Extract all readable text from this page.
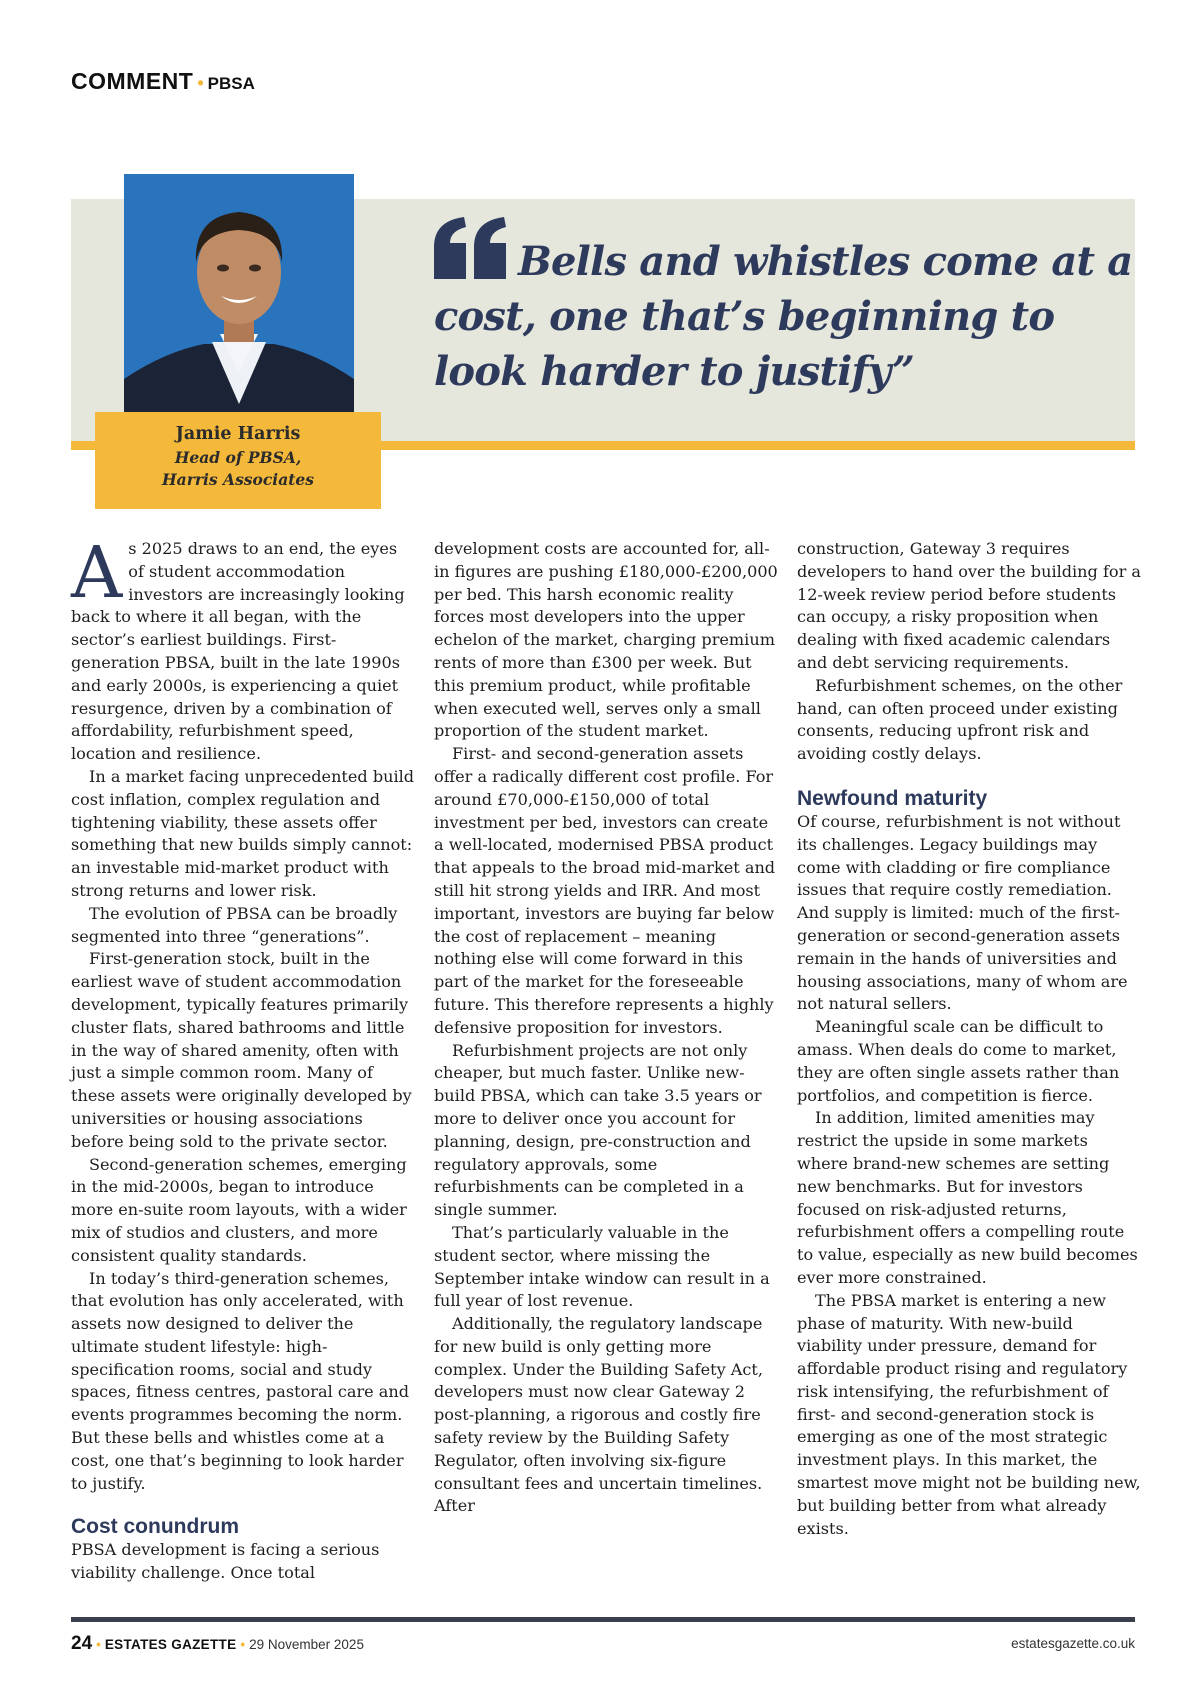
COMMENT • PBSA
Jamie Harris
Head of PBSA,
Harris Associates

Bells and whistles come at a cost, one that’s beginning to look harder to justify”

As 2025 draws to an end, the eyes of student accommodation investors are increasingly looking back to where it all began, with the sector’s earliest buildings. First-generation PBSA, built in the late 1990s and early 2000s, is experiencing a quiet resurgence, driven by a combination of affordability, refurbishment speed, location and resilience.

In a market facing unprecedented build cost inflation, complex regulation and tightening viability, these assets offer something that new builds simply cannot: an investable mid-market product with strong returns and lower risk.

The evolution of PBSA can be broadly segmented into three “generations”.

First-generation stock, built in the earliest wave of student accommodation development, typically features primarily cluster flats, shared bathrooms and little in the way of shared amenity, often with just a simple common room. Many of these assets were originally developed by universities or housing associations before being sold to the private sector.

Second-generation schemes, emerging in the mid-2000s, began to introduce more en-suite room layouts, with a wider mix of studios and clusters, and more consistent quality standards.

In today’s third-generation schemes, that evolution has only accelerated, with assets now designed to deliver the ultimate student lifestyle: high-specification rooms, social and study spaces, fitness centres, pastoral care and events programmes becoming the norm. But these bells and whistles come at a cost, one that’s beginning to look harder to justify.

Cost conundrum

PBSA development is facing a serious viability challenge. Once total

development costs are accounted for, all-in figures are pushing £180,000-£200,000 per bed. This harsh economic reality forces most developers into the upper echelon of the market, charging premium rents of more than £300 per week. But this premium product, while profitable when executed well, serves only a small proportion of the student market.

First- and second-generation assets offer a radically different cost profile. For around £70,000-£150,000 of total investment per bed, investors can create a well-located, modernised PBSA product that appeals to the broad mid-market and still hit strong yields and IRR. And most important, investors are buying far below the cost of replacement – meaning nothing else will come forward in this part of the market for the foreseeable future. This therefore represents a highly defensive proposition for investors.

Refurbishment projects are not only cheaper, but much faster. Unlike new-build PBSA, which can take 3.5 years or more to deliver once you account for planning, design, pre-construction and regulatory approvals, some refurbishments can be completed in a single summer.

That’s particularly valuable in the student sector, where missing the September intake window can result in a full year of lost revenue.

Additionally, the regulatory landscape for new build is only getting more complex. Under the Building Safety Act, developers must now clear Gateway 2 post-planning, a rigorous and costly fire safety review by the Building Safety Regulator, often involving six-figure consultant fees and uncertain timelines. After

construction, Gateway 3 requires developers to hand over the building for a 12-week review period before students can occupy, a risky proposition when dealing with fixed academic calendars and debt servicing requirements.

Refurbishment schemes, on the other hand, can often proceed under existing consents, reducing upfront risk and avoiding costly delays.

Newfound maturity

Of course, refurbishment is not without its challenges. Legacy buildings may come with cladding or fire compliance issues that require costly remediation. And supply is limited: much of the first-generation or second-generation assets remain in the hands of universities and housing associations, many of whom are not natural sellers.

Meaningful scale can be difficult to amass. When deals do come to market, they are often single assets rather than portfolios, and competition is fierce.

In addition, limited amenities may restrict the upside in some markets where brand-new schemes are setting new benchmarks. But for investors focused on risk-adjusted returns, refurbishment offers a compelling route to value, especially as new build becomes ever more constrained.

The PBSA market is entering a new phase of maturity. With new-build viability under pressure, demand for affordable product rising and regulatory risk intensifying, the refurbishment of first- and second-generation stock is emerging as one of the most strategic investment plays. In this market, the smartest move might not be building new, but building better from what already exists.

24 • ESTATES GAZETTE • 29 November 2025	estatesgazette.co.uk
